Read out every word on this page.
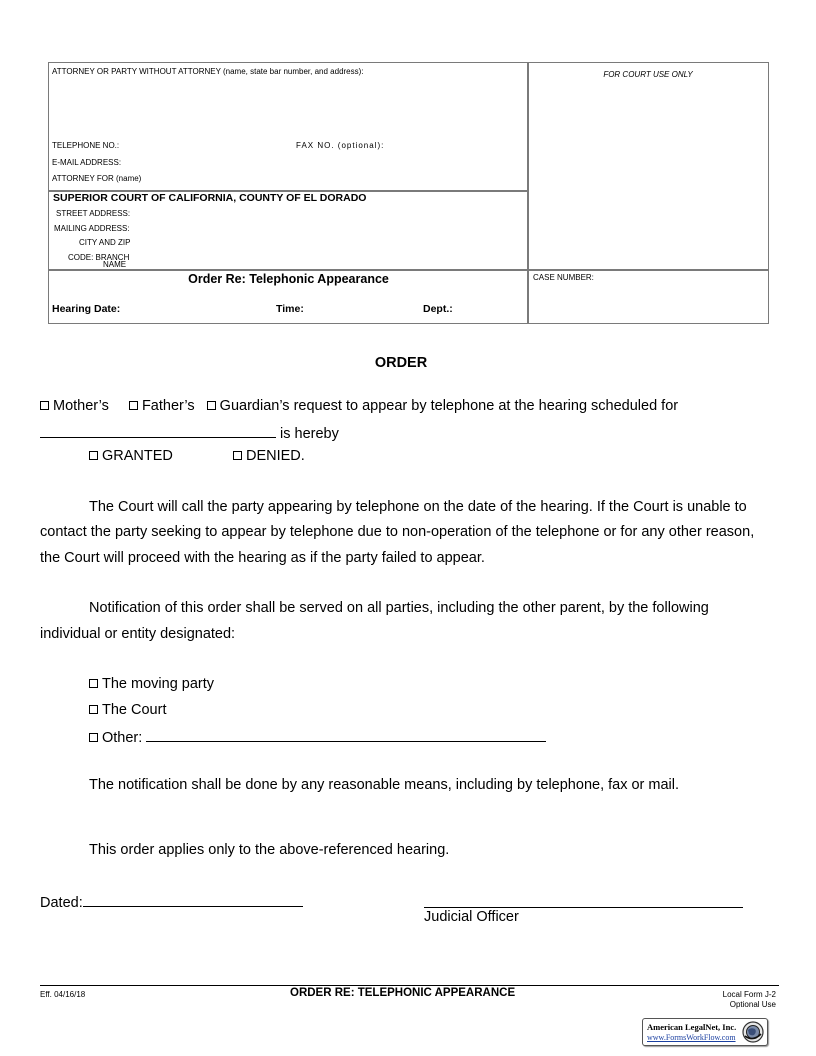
ATTORNEY OR PARTY WITHOUT ATTORNEY (name, state bar number, and address):	FOR COURT USE ONLY
TELEPHONE NO.:	FAX NO. (optional):
E-MAIL ADDRESS:
ATTORNEY FOR (name)
SUPERIOR COURT OF CALIFORNIA, COUNTY OF EL DORADO
STREET ADDRESS:
MAILING ADDRESS:
CITY AND ZIP
CODE: BRANCH
NAME
Order Re: Telephonic Appearance	CASE NUMBER:
Hearing Date:	Time:	Dept.:
ORDER
Mother’s Father’s Guardian’s request to appear by telephone at the hearing scheduled for
is hereby
GRANTED	DENIED.
The Court will call the party appearing by telephone on the date of the hearing. If the Court is unable to
contact the party seeking to appear by telephone due to non-operation of the telephone or for any other reason,
the Court will proceed with the hearing as if the party failed to appear.
Notification of this order shall be served on all parties, including the other parent, by the following
individual or entity designated:
The moving party
The Court
Other:
The notification shall be done by any reasonable means, including by telephone, fax or mail.
This order applies only to the above-referenced hearing.
Dated:
Judicial Officer
Eff. 04/16/18	ORDER RE: TELEPHONIC APPEARANCE	Local Form J-2
Optional Use
American LegalNet, Inc.
www.FormsWorkFlow.com
